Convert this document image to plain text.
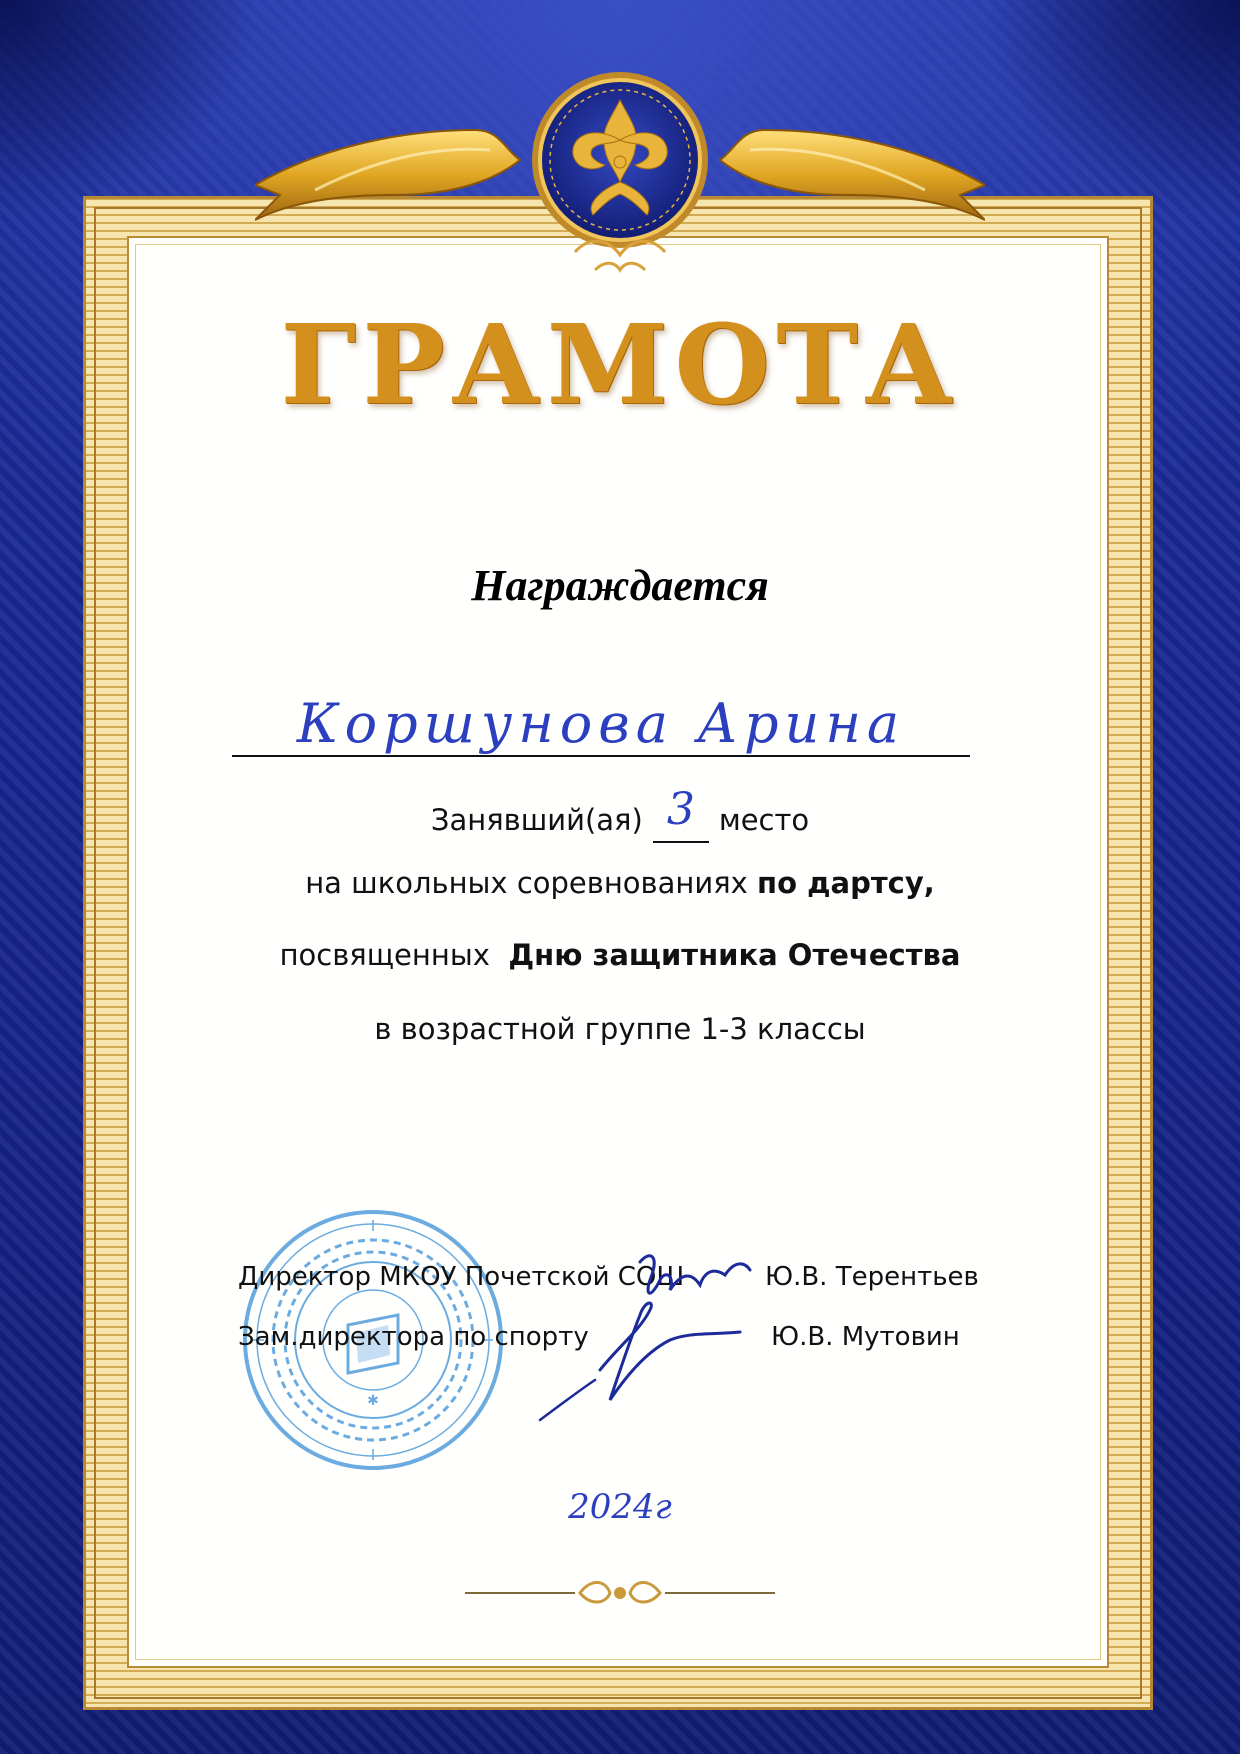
ГРАМОТА
Награждается
Коршунова Арина
Занявший(ая) 3 место
на школьных соревнованиях по дартсу,
посвященных Дню защитника Отечества
в возрастной группе 1-3 классы
✱
Директор МКОУ Почетской СОШ	Ю.В. Терентьев
Зам.директора по спорту	Ю.В. Мутовин
2024г
